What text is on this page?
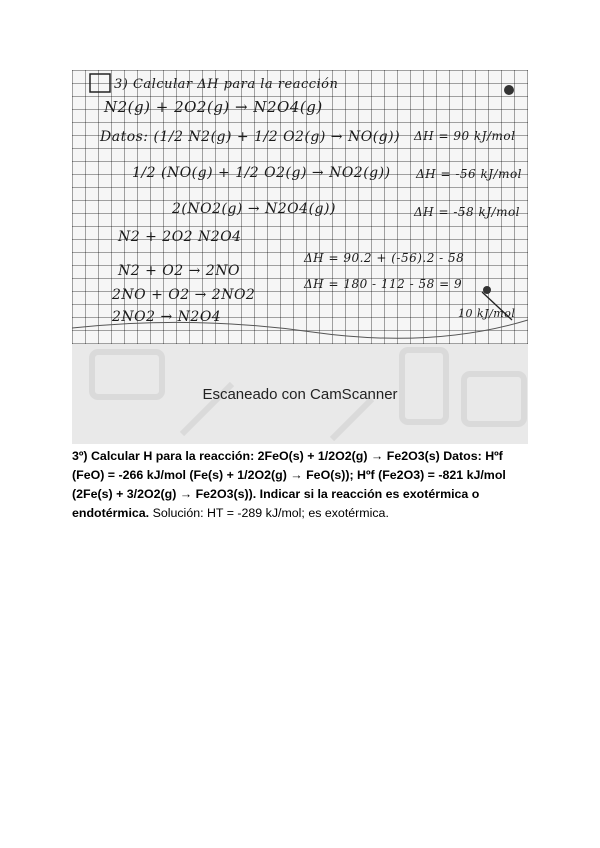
3) Calcular ΔH para la reacción
N2(g) + 2O2(g) → N2O4(g)
Datos: (1/2 N2(g) + 1/2 O2(g) → NO(g)) ΔH = 90 kJ/mol
1/2 (NO(g) + 1/2 O2(g) → NO2(g)) ΔH = -56 kJ/mol
2(NO2(g) → N2O4(g))	ΔH = -58 kJ/mol
N2 + 2O2 N2O4
N2 + O2 → 2NO
ΔH = 90.2 + (-56).2 - 58
2NO + O2 → 2NO2
ΔH = 180 - 112 - 58 = 9
2NO2 → N2O4	10 kJ/mol
Escaneado con CamScanner
3º) Calcular H para la reacción: 2FeO(s) + 1/2O2(g) → Fe2O3(s) Datos: Hºf (FeO) = -266 kJ/mol (Fe(s) + 1/2O2(g) → FeO(s)); Hºf (Fe2O3) = -821 kJ/mol (2Fe(s) + 3/2O2(g) → Fe2O3(s)). Indicar si la reacción es exotérmica o endotérmica. Solución: HT = -289 kJ/mol; es exotérmica.
